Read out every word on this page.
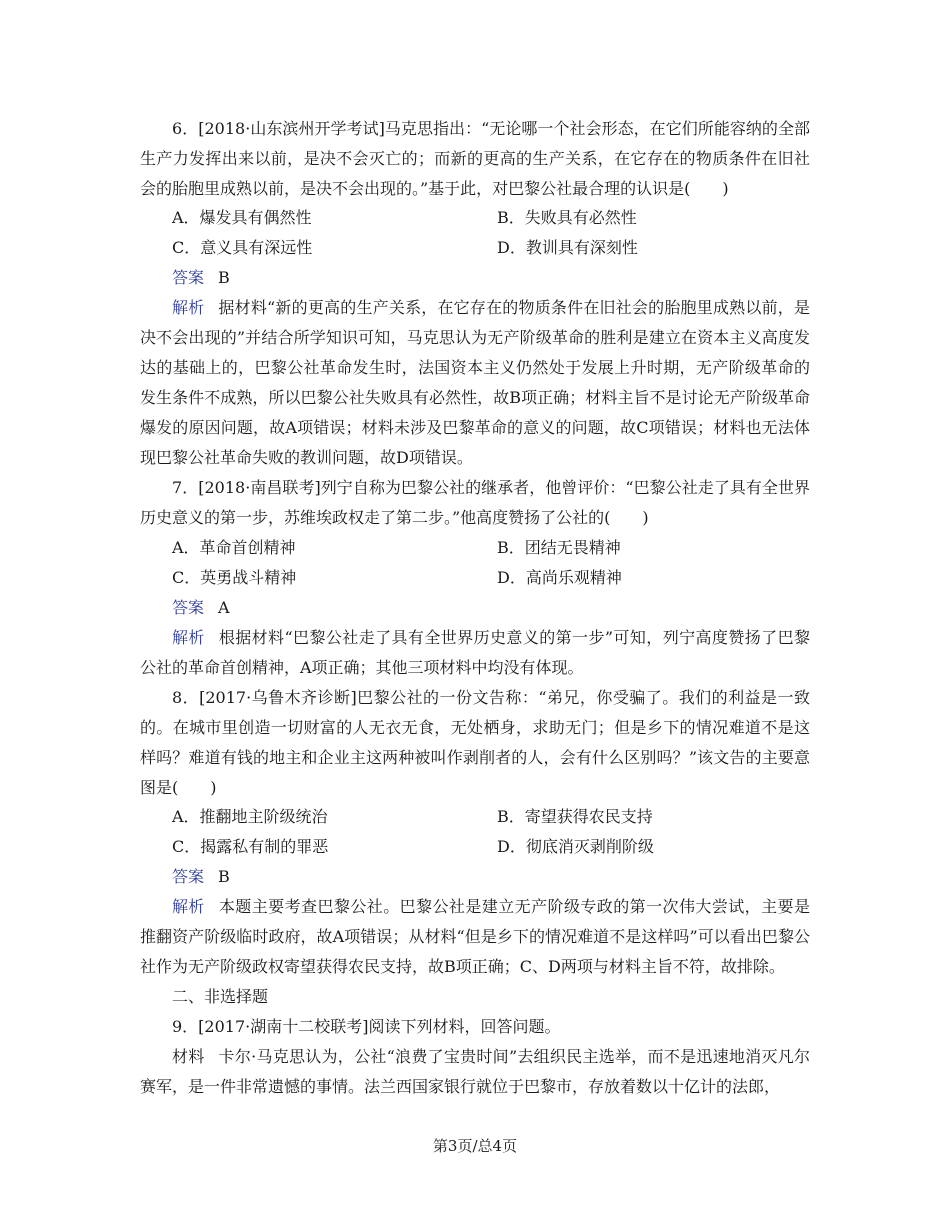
6．[2018·山东滨州开学考试]马克思指出：“无论哪一个社会形态，在它们所能容纳的全部生产力发挥出来以前，是决不会灭亡的；而新的更高的生产关系，在它存在的物质条件在旧社会的胎胞里成熟以前，是决不会出现的。”基于此，对巴黎公社最合理的认识是(　　)
A．爆发具有偶然性	B．失败具有必然性
C．意义具有深远性	D．教训具有深刻性
答案 B
解析 据材料“新的更高的生产关系，在它存在的物质条件在旧社会的胎胞里成熟以前，是决不会出现的”并结合所学知识可知，马克思认为无产阶级革命的胜利是建立在资本主义高度发达的基础上的，巴黎公社革命发生时，法国资本主义仍然处于发展上升时期，无产阶级革命的发生条件不成熟，所以巴黎公社失败具有必然性，故B项正确；材料主旨不是讨论无产阶级革命爆发的原因问题，故A项错误；材料未涉及巴黎革命的意义的问题，故C项错误；材料也无法体现巴黎公社革命失败的教训问题，故D项错误。
7．[2018·南昌联考]列宁自称为巴黎公社的继承者，他曾评价：“巴黎公社走了具有全世界历史意义的第一步，苏维埃政权走了第二步。”他高度赞扬了公社的(　　)
A．革命首创精神	B．团结无畏精神
C．英勇战斗精神	D．高尚乐观精神
答案 A
解析 根据材料“巴黎公社走了具有全世界历史意义的第一步”可知，列宁高度赞扬了巴黎公社的革命首创精神，A项正确；其他三项材料中均没有体现。
8．[2017·乌鲁木齐诊断]巴黎公社的一份文告称：“弟兄，你受骗了。我们的利益是一致的。在城市里创造一切财富的人无衣无食，无处栖身，求助无门；但是乡下的情况难道不是这样吗？难道有钱的地主和企业主这两种被叫作剥削者的人，会有什么区别吗？”该文告的主要意图是(　　)
A．推翻地主阶级统治	B．寄望获得农民支持
C．揭露私有制的罪恶	D．彻底消灭剥削阶级
答案 B
解析 本题主要考查巴黎公社。巴黎公社是建立无产阶级专政的第一次伟大尝试，主要是推翻资产阶级临时政府，故A项错误；从材料“但是乡下的情况难道不是这样吗”可以看出巴黎公社作为无产阶级政权寄望获得农民支持，故B项正确；C、D两项与材料主旨不符，故排除。
二、非选择题
9．[2017·湖南十二校联考]阅读下列材料，回答问题。
材料 卡尔·马克思认为，公社“浪费了宝贵时间”去组织民主选举，而不是迅速地消灭凡尔赛军，是一件非常遗憾的事情。法兰西国家银行就位于巴黎市，存放着数以十亿计的法郎，
第3页/总4页
